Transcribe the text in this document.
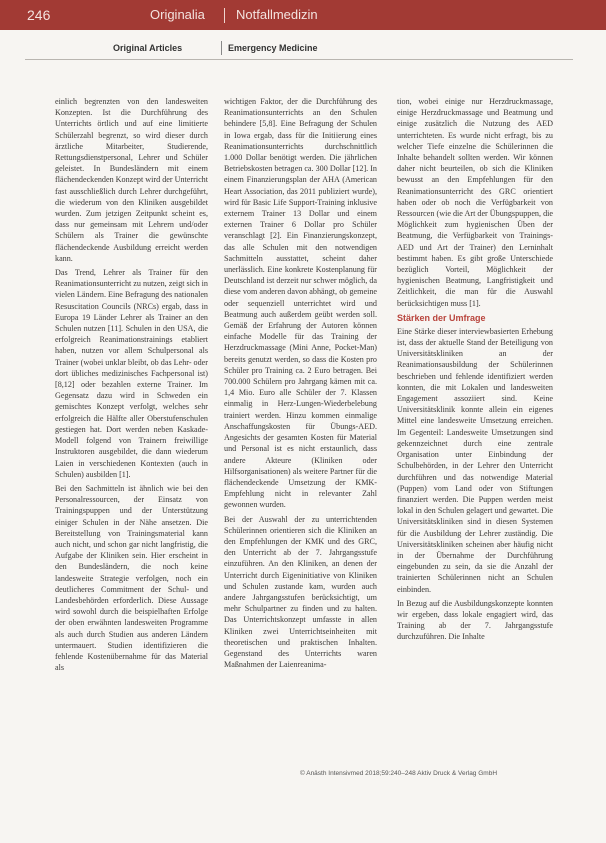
246	Originalia Notfallmedizin
Original Articles	Emergency Medicine

einlich begrenzten von den landesweiten Konzepten. Ist die Durchführung des Unterrichts örtlich und auf eine limitierte Schülerzahl begrenzt, so wird dieser durch ärztliche Mitarbeiter, Studierende, Rettungsdienstpersonal, Lehrer und Schüler geleistet. In Bundesländern mit einem flächendeckenden Konzept wird der Unterricht fast ausschließlich durch Lehrer durchgeführt, die wiederum von den Kliniken ausgebildet wurden. Zum jetzigen Zeitpunkt scheint es, dass nur gemeinsam mit Lehrern und/oder Schülern als Trainer die gewünschte flächendeckende Ausbildung erreicht werden kann.

Das Trend, Lehrer als Trainer für den Reanimationsunterricht zu nutzen, zeigt sich in vielen Ländern. Eine Befragung des nationalen Resuscitation Councils (NRCs) ergab, dass in Europa 19 Länder Lehrer als Trainer an den Schulen nutzen [11]. Schulen in den USA, die erfolgreich Reanimationstrainings etabliert haben, nutzen vor allem Schulpersonal als Trainer (wobei unklar bleibt, ob das Lehr- oder dort übliches medizinisches Fachpersonal ist) [8,12] oder bezahlen externe Trainer. Im Gegensatz dazu wird in Schweden ein gemischtes Konzept verfolgt, welches sehr erfolgreich die Hälfte aller Oberstufenschulen gestiegen hat. Dort werden neben Kaskade-Modell folgend von Trainern freiwillige Instruktoren ausgebildet, die dann wiederum Laien in verschiedenen Kontexten (auch in Schulen) ausbilden [1].

Bei den Sachmitteln ist ähnlich wie bei den Personalressourcen, der Einsatz von Trainingspuppen und der Unterstützung einiger Schulen in der Nähe ansetzen. Die Bereitstellung von Trainingsmaterial kann auch nicht, und schon gar nicht langfristig, die Aufgabe der Kliniken sein. Hier erscheint in den Bundesländern, die noch keine landesweite Strategie verfolgen, noch ein deutlicheres Commitment der Schul- und Landesbehörden erforderlich. Diese Aussage wird sowohl durch die beispielhaften Erfolge der oben erwähnten landesweiten Programme als auch durch Studien aus anderen Ländern untermauert. Studien identifizieren die fehlende Kostenübernahme für das Material als

wichtigen Faktor, der die Durchführung des Reanimationsunterrichts an den Schulen behindere [5,8]. Eine Befragung der Schulen in Iowa ergab, dass für die Initiierung eines Reanimationsunterrichts durchschnittlich 1.000 Dollar benötigt werden. Die jährlichen Betriebskosten betragen ca. 300 Dollar [12]. In einem Finanzierungsplan der AHA (American Heart Association, das 2011 publiziert wurde), wird für Basic Life Support-Training inklusive externem Trainer 13 Dollar und einem externen Trainer 6 Dollar pro Schüler veranschlagt [2]. Ein Finanzierungskonzept, das alle Schulen mit den notwendigen Sachmitteln ausstattet, scheint daher unerlässlich. Eine konkrete Kostenplanung für Deutschland ist derzeit nur schwer möglich, da diese vom anderen davon abhängt, ob gemeine oder sequenziell unterrichtet wird und Beatmung auch außerdem geübt werden soll. Gemäß der Erfahrung der Autoren können einfache Modelle für das Training der Herzdruckmassage (Mini Anne, Pocket-Man) bereits genutzt werden, so dass die Kosten pro Schüler pro Training ca. 2 Euro betragen. Bei 700.000 Schülern pro Jahrgang kämen mit ca. 1,4 Mio. Euro alle Schüler der 7. Klassen einmalig in Herz-Lungen-Wiederbelebung trainiert werden. Hinzu kommen einmalige Anschaffungskosten für Übungs-AED. Angesichts der gesamten Kosten für Material und Personal ist es nicht erstaunlich, dass andere Akteure (Kliniken oder Hilfsorganisationen) als weitere Partner für die flächendeckende Umsetzung der KMK-Empfehlung nicht in relevanter Zahl gewonnen wurden.

Bei der Auswahl der zu unterrichtenden Schülerinnen orientieren sich die Kliniken an den Empfehlungen der KMK und des GRC, den Unterricht ab der 7. Jahrgangsstufe einzuführen. An den Kliniken, an denen der Unterricht durch Eigeninitiative von Kliniken und Schulen zustande kam, wurden auch andere Jahrgangsstufen berücksichtigt, um mehr Schulpartner zu finden und zu halten. Das Unterrichtskonzept umfasste in allen Kliniken zwei Unterrichtseinheiten mit theoretischen und praktischen Inhalten. Gegenstand des Unterrichts waren Maßnahmen der Laienreanima-

tion, wobei einige nur Herzdruckmassage, einige Herzdruckmassage und Beatmung und einige zusätzlich die Nutzung des AED unterrichteten. Es wurde nicht erfragt, bis zu welcher Tiefe einzelne die Schülerinnen die Inhalte behandelt sollten werden. Wir können daher nicht beurteilen, ob sich die Kliniken bewusst an den Empfehlungen für den Reanimationsunterricht des GRC orientiert haben oder ob noch die Verfügbarkeit von Ressourcen (wie die Art der Übungspuppen, die Möglichkeit zum hygienischen Üben der Beatmung, die Verfügbarkeit von Trainings-AED und Art der Trainer) den Lerninhalt bestimmt haben. Es gibt große Unterschiede bezüglich Vorteil, Möglichkeit der hygienischen Beatmung, Langfristigkeit und Zeitlichkeit, die man für die Auswahl berücksichtigen muss [1].

Stärken der Umfrage

Eine Stärke dieser interviewbasierten Erhebung ist, dass der aktuelle Stand der Beteiligung von Universitätskliniken an der Reanimationsausbildung der Schülerinnen beschrieben und fehlende identifiziert werden konnten, die mit Lokalen und landesweiten Engagement assoziiert sind. Keine Universitätsklinik konnte allein ein eigenes Mittel eine landesweite Umsetzung erreichen. Im Gegenteil: Landesweite Umsetzungen sind gekennzeichnet durch eine zentrale Organisation unter Einbindung der Schulbehörden, in der Lehrer den Unterricht durchführen und das notwendige Material (Puppen) vom Land oder von Stiftungen finanziert werden. Die Puppen werden meist lokal in den Schulen gelagert und gewartet. Die Universitätskliniken sind in diesen Systemen für die Ausbildung der Lehrer zuständig. Die Universitätskliniken scheinen aber häufig nicht in der Übernahme der Durchführung eingebunden zu sein, da sie die Anzahl der trainierten Schülerinnen nicht an Schulen einbinden.

In Bezug auf die Ausbildungskonzepte konnten wir ergeben, dass lokale engagiert wird, das Training ab der 7. Jahrgangsstufe durchzuführen. Die Inhalte

© Anästh Intensivmed 2018;59:240–248 Aktiv Druck & Verlag GmbH
